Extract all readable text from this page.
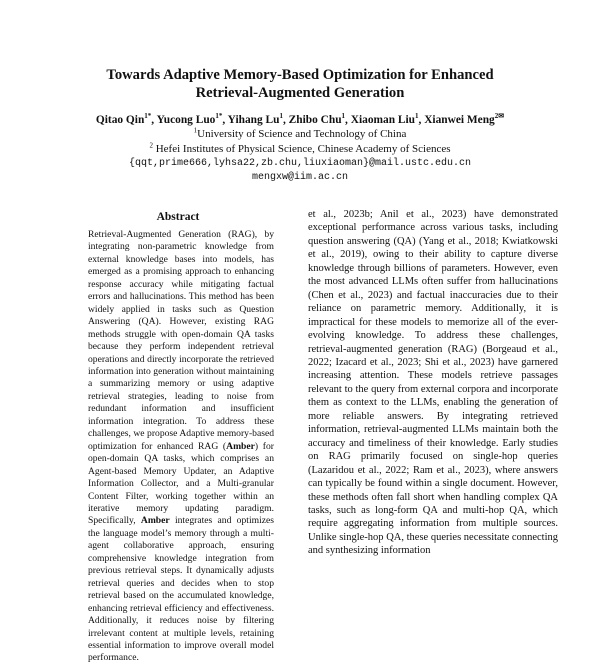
Towards Adaptive Memory-Based Optimization for Enhanced
Retrieval-Augmented Generation
Qitao Qin$^{1*}$, Yucong Luo$^{1*}$, Yihang Lu$^1$, Zhibo Chu$^1$, Xiaoman Liu$^1$, Xianwei Meng$^{2✉}$
$^1$University of Science and Technology of China
$^2$ Hefei Institutes of Physical Science, Chinese Academy of Sciences
{qqt,prime666,lyhsa22,zb.chu,liuxiaoman}@mail.ustc.edu.cn
mengxw@iim.ac.cn
Abstract
Retrieval-Augmented Generation (RAG), by integrating non-parametric knowledge from external knowledge bases into models, has emerged as a promising approach to enhancing response accuracy while mitigating factual errors and hallucinations. This method has been widely applied in tasks such as Question Answering (QA). However, existing RAG methods struggle with open-domain QA tasks because they perform independent retrieval operations and directly incorporate the retrieved information into generation without maintaining a summarizing memory or using adaptive retrieval strategies, leading to noise from redundant information and insufficient information integration. To address these challenges, we propose Adaptive memory-based optimization for enhanced RAG (Amber) for open-domain QA tasks, which comprises an Agent-based Memory Updater, an Adaptive Information Collector, and a Multi-granular Content Filter, working together within an iterative memory updating paradigm. Specifically, Amber integrates and optimizes the language model’s memory through a multi-agent collaborative approach, ensuring comprehensive knowledge integration from previous retrieval steps. It dynamically adjusts retrieval queries and decides when to stop retrieval based on the accumulated knowledge, enhancing retrieval efficiency and effectiveness. Additionally, it reduces noise by filtering irrelevant content at multiple levels, retaining essential information to improve overall model performance.
et al., 2023b; Anil et al., 2023) have demonstrated exceptional performance across various tasks, including question answering (QA) (Yang et al., 2018; Kwiatkowski et al., 2019), owing to their ability to capture diverse knowledge through billions of parameters. However, even the most advanced LLMs often suffer from hallucinations (Chen et al., 2023) and factual inaccuracies due to their reliance on parametric memory. Additionally, it is impractical for these models to memorize all of the ever-evolving knowledge. To address these challenges, retrieval-augmented generation (RAG) (Borgeaud et al., 2022; Izacard et al., 2023; Shi et al., 2023) have garnered increasing attention. These models retrieve passages relevant to the query from external corpora and incorporate them as context to the LLMs, enabling the generation of more reliable answers. By integrating retrieved information, retrieval-augmented LLMs maintain both the accuracy and timeliness of their knowledge. Early studies on RAG primarily focused on single-hop queries (Lazaridou et al., 2022; Ram et al., 2023), where answers can typically be found within a single document. However, these methods often fall short when handling complex QA tasks, such as long-form QA and multi-hop QA, which require aggregating information from multiple sources. Unlike single-hop QA, these queries necessitate connecting and synthesizing information
